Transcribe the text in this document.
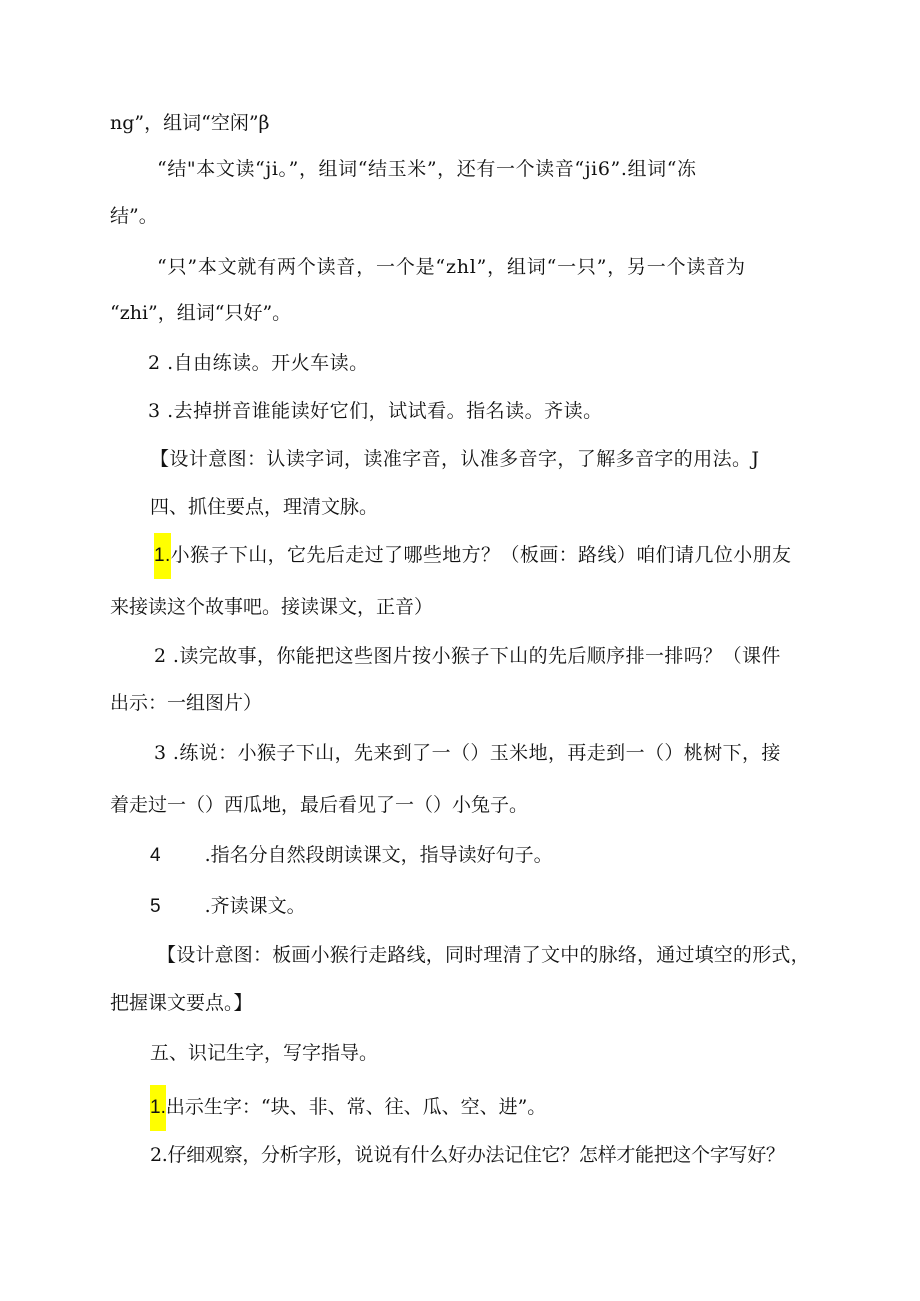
ng”，组词“空闲”β
“结"本文读“ji。”，组词“结玉米”，还有一个读音“ji6”.组词“冻
结”。
“只”本文就有两个读音，一个是“zhl”，组词“一只”，另一个读音为
“zhi”，组词“只好”。
2 .自由练读。开火车读。
3 .去掉拼音谁能读好它们，试试看。指名读。齐读。
【设计意图：认读字词，读准字音，认准多音字，了解多音字的用法。J
四、抓住要点，理清文脉。
1.小猴子下山，它先后走过了哪些地方？（板画：路线）咱们请几位小朋友
来接读这个故事吧。接读课文，正音）
2 .读完故事，你能把这些图片按小猴子下山的先后顺序排一排吗？（课件
出示：一组图片）
3 .练说：小猴子下山，先来到了一（）玉米地，再走到一（）桃树下，接
着走过一（）西瓜地，最后看见了一（）小兔子。
4 .指名分自然段朗读课文，指导读好句子。
5 .齐读课文。
【设计意图：板画小猴行走路线，同时理清了文中的脉络，通过填空的形式，
把握课文要点。】
五、识记生字，写字指导。
1.出示生字：“块、非、常、往、瓜、空、进”。
2.仔细观察，分析字形，说说有什么好办法记住它？怎样才能把这个字写好？
